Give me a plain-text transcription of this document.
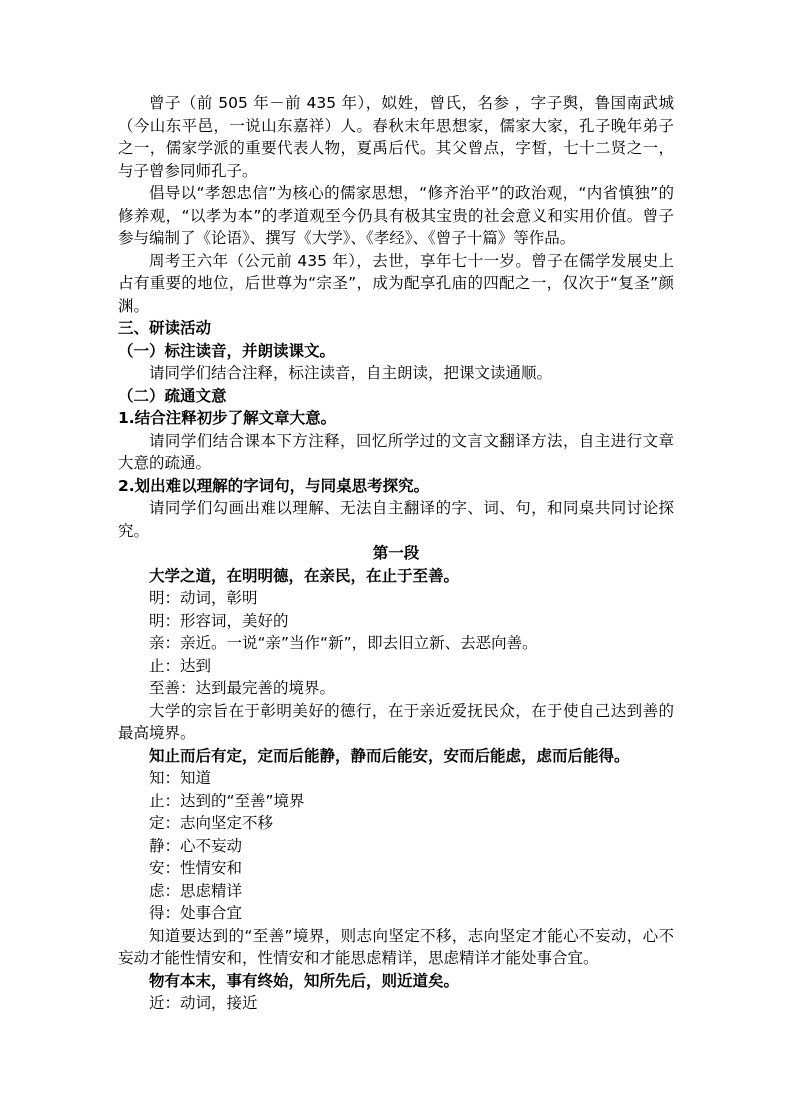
曾子（前 505 年－前 435 年），姒姓，曾氏，名参 ，字子舆，鲁国南武城（今山东平邑，一说山东嘉祥）人。春秋末年思想家，儒家大家，孔子晚年弟子之一，儒家学派的重要代表人物，夏禹后代。其父曾点，字皙，七十二贤之一，与子曾参同师孔子。
倡导以“孝恕忠信”为核心的儒家思想，“修齐治平”的政治观，“内省慎独”的修养观，“以孝为本”的孝道观至今仍具有极其宝贵的社会意义和实用价值。曾子参与编制了《论语》、撰写《大学》、《孝经》、《曾子十篇》等作品。
周考王六年（公元前 435 年），去世，享年七十一岁。曾子在儒学发展史上占有重要的地位，后世尊为“宗圣”，成为配享孔庙的四配之一，仅次于“复圣”颜渊。
三、研读活动
（一）标注读音，并朗读课文。
请同学们结合注释，标注读音，自主朗读，把课文读通顺。
（二）疏通文意
1.结合注释初步了解文章大意。
请同学们结合课本下方注释，回忆所学过的文言文翻译方法，自主进行文章大意的疏通。
2.划出难以理解的字词句，与同桌思考探究。
请同学们勾画出难以理解、无法自主翻译的字、词、句，和同桌共同讨论探究。
第一段
大学之道，在明明德，在亲民，在止于至善。
明：动词，彰明
明：形容词，美好的
亲：亲近。一说“亲”当作“新”，即去旧立新、去恶向善。
止：达到
至善：达到最完善的境界。
大学的宗旨在于彰明美好的德行，在于亲近爱抚民众，在于使自己达到善的最高境界。
知止而后有定，定而后能静，静而后能安，安而后能虑，虑而后能得。
知：知道
止：达到的“至善”境界
定：志向坚定不移
静：心不妄动
安：性情安和
虑：思虑精详
得：处事合宜
知道要达到的“至善”境界，则志向坚定不移，志向坚定才能心不妄动，心不妄动才能性情安和，性情安和才能思虑精详，思虑精详才能处事合宜。
物有本末，事有终始，知所先后，则近道矣。
近：动词，接近
